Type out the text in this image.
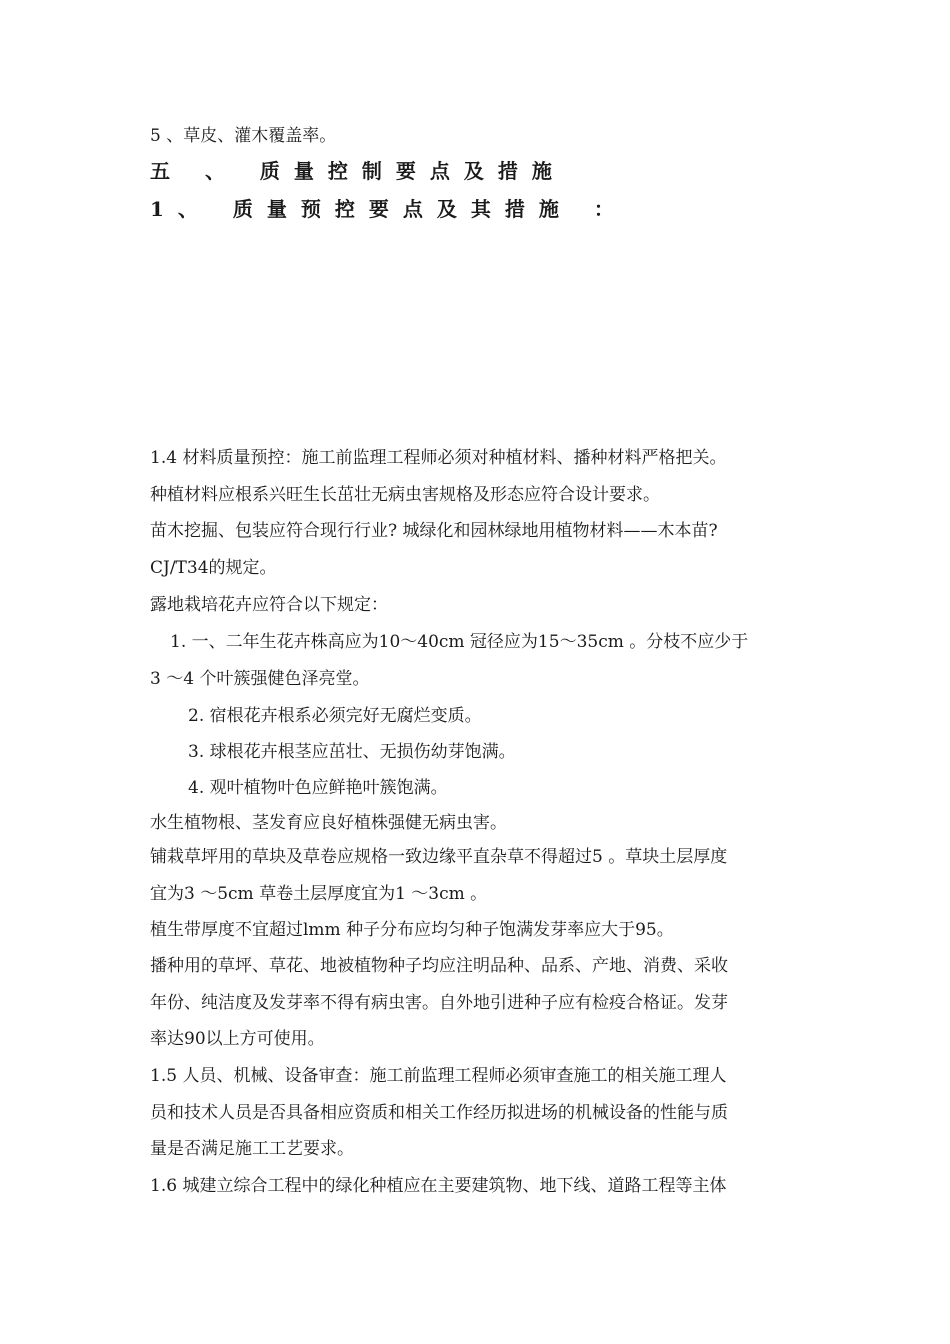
5 、草皮、灌木覆盖率。
五 、 质量控制要点及措施
1、 质量预控要点及其措施 ：
1.4 材料质量预控：施工前监理工程师必须对种植材料、播种材料严格把关。
种植材料应根系兴旺生长茁壮无病虫害规格及形态应符合设计要求。
苗木挖掘、包装应符合现行行业? 城绿化和园林绿地用植物材料——木本苗?
CJ/T34的规定。
露地栽培花卉应符合以下规定：
1. 一、二年生花卉株高应为10～40cm 冠径应为15～35cm 。分枝不应少于
3 ～4 个叶簇强健色泽亮堂。
2. 宿根花卉根系必须完好无腐烂变质。
3. 球根花卉根茎应茁壮、无损伤幼芽饱满。
4. 观叶植物叶色应鲜艳叶簇饱满。
水生植物根、茎发育应良好植株强健无病虫害。
铺栽草坪用的草块及草卷应规格一致边缘平直杂草不得超过5 。草块土层厚度
宜为3 ～5cm 草卷土层厚度宜为1 ～3cm 。
植生带厚度不宜超过lmm 种子分布应均匀种子饱满发芽率应大于95。
播种用的草坪、草花、地被植物种子均应注明品种、品系、产地、消费、采收
年份、纯洁度及发芽率不得有病虫害。自外地引进种子应有检疫合格证。发芽
率达90以上方可使用。
1.5 人员、机械、设备审查：施工前监理工程师必须审查施工的相关施工理人
员和技术人员是否具备相应资质和相关工作经历拟进场的机械设备的性能与质
量是否满足施工工艺要求。
1.6 城建立综合工程中的绿化种植应在主要建筑物、地下线、道路工程等主体
